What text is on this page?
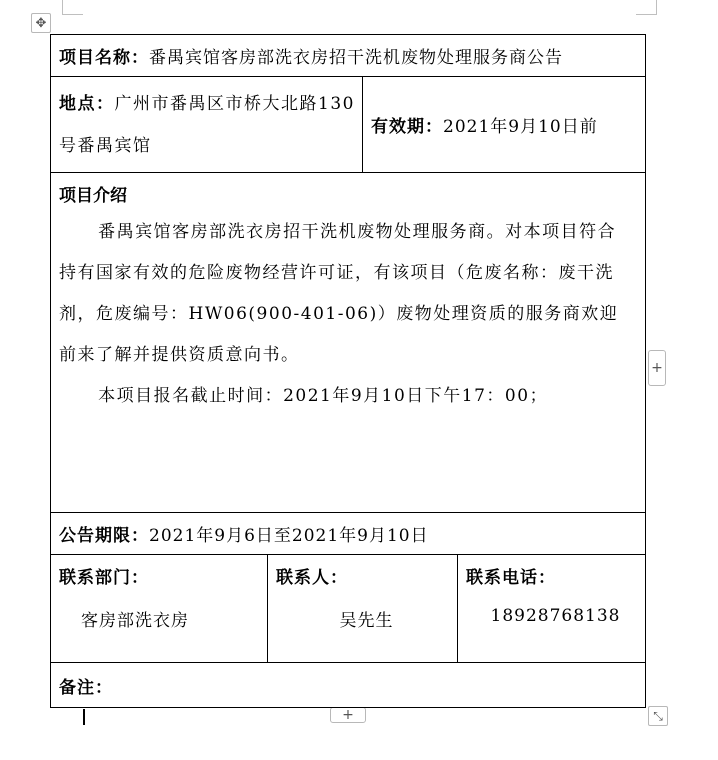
✥
+
+	⤡
项目名称：番禺宾馆客房部洗衣房招干洗机废物处理服务商公告
地点：广州市番禺区市桥大北路130号番禺宾馆
有效期： 2021年9月10日前
项目介绍
番禺宾馆客房部洗衣房招干洗机废物处理服务商。对本项目符合持有国家有效的危险废物经营许可证，有该项目（危废名称：废干洗剂，危废编号：HW06(900-401-06)）废物处理资质的服务商欢迎前来了解并提供资质意向书。
本项目报名截止时间：2021年9月10日下午17：00；
公告期限：2021年9月6日至2021年9月10日
联系部门：
客房部洗衣房
联系人：
吴先生
联系电话：
18928768138
备注：
